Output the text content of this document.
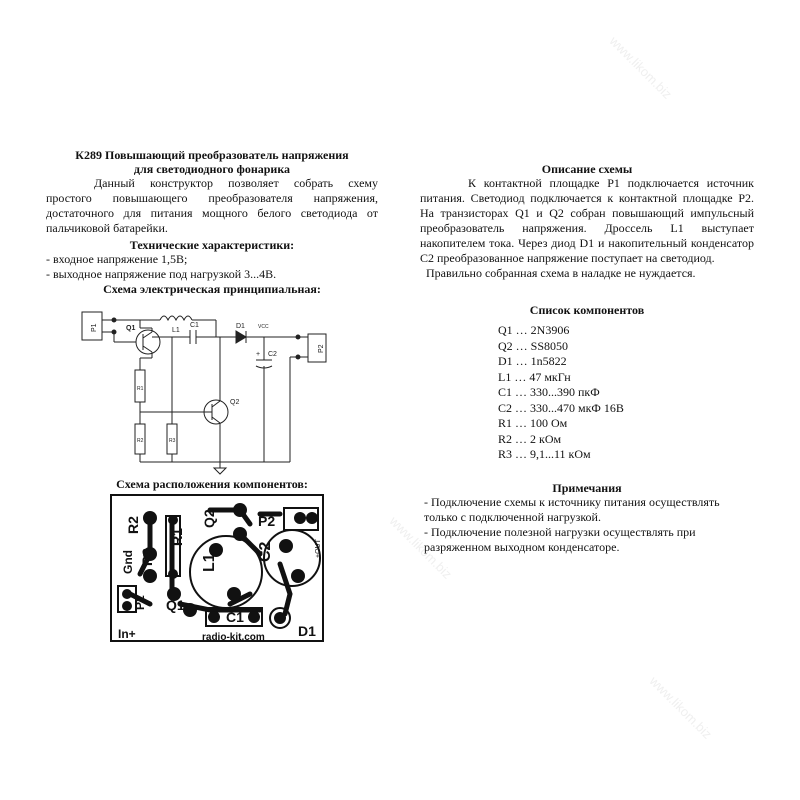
www.likom.biz
www.likom.biz
www.likom.biz
К289 Повышающий преобразователь напряжения
для светодиодного фонарика

Данный конструктор позволяет собрать схему простого повышающего преобразователя напряжения, достаточного для питания мощного белого светодиода от пальчиковой батарейки.

Технические характеристики:

- входное напряжение 1,5В;

- выходное напряжение под нагрузкой 3...4В.

Схема электрическая принципиальная:
P1	Q1	L1
C1	D1	VCC
C2
+
P2
R1
R2	R3
Q2
Схема расположения компонентов:
R2
R3
R1
Q2	P2
L1
C2	+OUT
Gnd
P1 Q1
C1
D1
In+	radio-kit.com
Описание схемы

К контактной площадке P1 подключается источник питания. Светодиод подключается к контактной площадке P2. На транзисторах Q1 и Q2 собран повышающий импульсный преобразователь напряжения. Дроссель L1 выступает накопителем тока. Через диод D1 и накопительный конденсатор C2 преобразованное напряжение поступает на светодиод.

Правильно собранная схема в наладке не нуждается.

Список компонентов
Q1 … 2N3906
Q2 … SS8050
D1 … 1n5822
L1 … 47 мкГн
C1 … 330...390 пкФ
C2 … 330...470 мкФ 16В
R1 … 100 Ом
R2 … 2 кОм
R3 … 9,1...11 кОм
Примечания

- Подключение схемы к источнику питания осуществлять только с подключенной нагрузкой.

- Подключение полезной нагрузки осуществлять при разряженном выходном конденсаторе.
